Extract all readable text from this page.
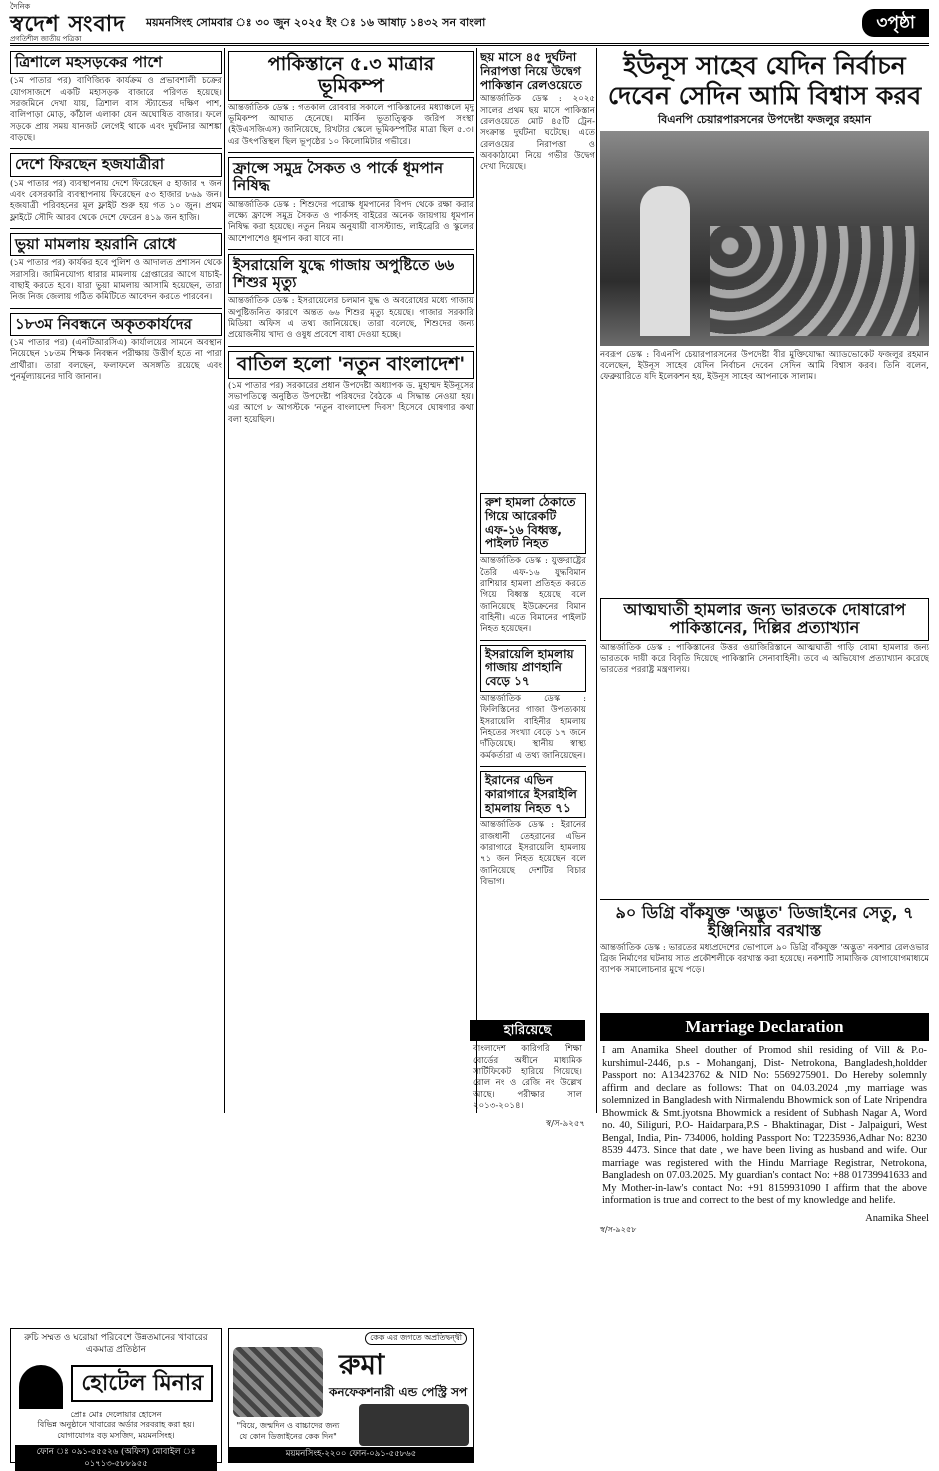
দৈনিক
স্বদেশ সংবাদ
প্রগতিশীল জাতীয় পত্রিকা
ময়মনসিংহ সোমবার ঃ ৩০ জুন ২০২৫ ইং ঃ ১৬ আষাঢ় ১৪৩২ সন বাংলা	৩পৃষ্ঠা
ত্রিশালে মহসড়কের পাশে
(১ম পাতার পর) বাণিজ্যিক কার্যক্রম ও প্রভাবশালী চক্রের যোগসাজশে একটি মহাসড়ক বাজারে পরিণত হয়েছে। সরজমিনে দেখা যায়, ত্রিশাল বাস স্ট্যান্ডের দক্ষিণ পাশ, বালিপাড়া মোড়, কাঁঠাল এলাকা যেন অঘোষিত বাজার। ফলে সড়কে প্রায় সময় যানজট লেগেই থাকে এবং দুর্ঘটনার আশঙ্কা বাড়ছে।
দেশে ফিরছেন হজযাত্রীরা
(১ম পাতার পর) ব্যবস্থাপনায় দেশে ফিরেছেন ৫ হাজার ৭ জন এবং বেসরকারি ব্যবস্থাপনায় ফিরেছেন ৫৩ হাজার ৮৬৯ জন। হজযাত্রী পরিবহনের মূল ফ্লাইট শুরু হয় গত ১০ জুন। প্রথম ফ্লাইটে সৌদি আরব থেকে দেশে ফেরেন ৪১৯ জন হাজি।
ভুয়া মামলায় হয়রানি রোধে
(১ম পাতার পর) কার্যকর হবে পুলিশ ও আদালত প্রশাসন থেকে সরাসরি। জামিনযোগ্য ধারার মামলায় গ্রেপ্তারের আগে যাচাই-বাছাই করতে হবে। যারা ভুয়া মামলায় আসামি হয়েছেন, তারা নিজ নিজ জেলায় গঠিত কমিটিতে আবেদন করতে পারবেন।
১৮৩ম নিবন্ধনে অকৃতকার্যদের
(১ম পাতার পর) (এনটিআরসিএ) কার্যালয়ের সামনে অবস্থান নিয়েছেন ১৮তম শিক্ষক নিবন্ধন পরীক্ষায় উত্তীর্ণ হতে না পারা প্রার্থীরা। তারা বলছেন, ফলাফলে অসঙ্গতি রয়েছে এবং পুনর্মূল্যায়নের দাবি জানান।
পাকিস্তানে ৫.৩ মাত্রার ভূমিকম্প
আন্তর্জাতিক ডেস্ক : গতকাল রোববার সকালে পাকিস্তানের মধ্যাঞ্চলে মৃদু ভূমিকম্প আঘাত হেনেছে। মার্কিন ভূতাত্ত্বিক জরিপ সংস্থা (ইউএসজিএস) জানিয়েছে, রিখটার স্কেলে ভূমিকম্পটির মাত্রা ছিল ৫.৩। এর উৎপত্তিস্থল ছিল ভূপৃষ্ঠের ১০ কিলোমিটার গভীরে।
ফ্রান্সে সমুদ্র সৈকত ও পার্কে ধূমপান নিষিদ্ধ
আন্তর্জাতিক ডেস্ক : শিশুদের পরোক্ষ ধূমপানের বিপদ থেকে রক্ষা করার লক্ষ্যে ফ্রান্সে সমুদ্র সৈকত ও পার্কসহ বাইরের অনেক জায়গায় ধূমপান নিষিদ্ধ করা হয়েছে। নতুন নিয়ম অনুযায়ী বাসস্ট্যান্ড, লাইব্রেরি ও স্কুলের আশেপাশেও ধূমপান করা যাবে না।
ইসরায়েলি যুদ্ধে গাজায় অপুষ্টিতে ৬৬ শিশুর মৃত্যু
আন্তর্জাতিক ডেস্ক : ইসরায়েলের চলমান যুদ্ধ ও অবরোধের মধ্যে গাজায় অপুষ্টিজনিত কারণে অন্তত ৬৬ শিশুর মৃত্যু হয়েছে। গাজার সরকারি মিডিয়া অফিস এ তথ্য জানিয়েছে। তারা বলেছে, শিশুদের জন্য প্রয়োজনীয় খাদ্য ও ওষুধ প্রবেশে বাধা দেওয়া হচ্ছে।
বাতিল হলো 'নতুন বাংলাদেশ'
(১ম পাতার পর) সরকারের প্রধান উপদেষ্টা অধ্যাপক ড. মুহাম্মদ ইউনূসের সভাপতিত্বে অনুষ্ঠিত উপদেষ্টা পরিষদের বৈঠকে এ সিদ্ধান্ত নেওয়া হয়। এর আগে ৮ আগস্টকে 'নতুন বাংলাদেশ দিবস' হিসেবে ঘোষণার কথা বলা হয়েছিল।
ছয় মাসে ৪৫ দুর্ঘটনা নিরাপত্তা নিয়ে উদ্বেগ পাকিস্তান রেলওয়েতে
আন্তর্জাতিক ডেস্ক : ২০২৫ সালের প্রথম ছয় মাসে পাকিস্তান রেলওয়েতে মোট ৪৫টি ট্রেন-সংক্রান্ত দুর্ঘটনা ঘটেছে। এতে রেলওয়ের নিরাপত্তা ও অবকাঠামো নিয়ে গভীর উদ্বেগ দেখা দিয়েছে।
ইউনূস সাহেব যেদিন নির্বাচন দেবেন সেদিন আমি বিশ্বাস করব
বিএনপি চেয়ারপারসনের উপদেষ্টা ফজলুর রহমান
নবরূপ ডেস্ক : বিএনপি চেয়ারপারসনের উপদেষ্টা বীর মুক্তিযোদ্ধা অ্যাডভোকেট ফজলুর রহমান বলেছেন, ইউনূস সাহেব যেদিন নির্বাচন দেবেন সেদিন আমি বিশ্বাস করব। তিনি বলেন, ফেব্রুয়ারিতে যদি ইলেকশন হয়, ইউনূস সাহেব আপনাকে সালাম।
রুশ হামলা ঠেকাতে গিয়ে আরেকটি এফ-১৬ বিধ্বস্ত, পাইলট নিহত
আন্তর্জাতিক ডেস্ক : যুক্তরাষ্ট্রের তৈরি এফ-১৬ যুদ্ধবিমান রাশিয়ার হামলা প্রতিহত করতে গিয়ে বিধ্বস্ত হয়েছে বলে জানিয়েছে ইউক্রেনের বিমান বাহিনী। এতে বিমানের পাইলট নিহত হয়েছেন।
ইসরায়েলি হামলায় গাজায় প্রাণহানি বেড়ে ১৭
আন্তর্জাতিক ডেস্ক : ফিলিস্তিনের গাজা উপত্যকায় ইসরায়েলি বাহিনীর হামলায় নিহতের সংখ্যা বেড়ে ১৭ জনে দাঁড়িয়েছে। স্থানীয় স্বাস্থ্য কর্মকর্তারা এ তথ্য জানিয়েছেন।
ইরানের এভিন কারাগারে ইসরাইলি হামলায় নিহত ৭১
আন্তর্জাতিক ডেস্ক : ইরানের রাজধানী তেহরানের এভিন কারাগারে ইসরায়েলি হামলায় ৭১ জন নিহত হয়েছেন বলে জানিয়েছে দেশটির বিচার বিভাগ।
আত্মঘাতী হামলার জন্য ভারতকে দোষারোপ পাকিস্তানের, দিল্লির প্রত্যাখ্যান
আন্তর্জাতিক ডেস্ক : পাকিস্তানের উত্তর ওয়াজিরিস্তানে আত্মঘাতী গাড়ি বোমা হামলার জন্য ভারতকে দায়ী করে বিবৃতি দিয়েছে পাকিস্তানি সেনাবাহিনী। তবে এ অভিযোগ প্রত্যাখ্যান করেছে ভারতের পররাষ্ট্র মন্ত্রণালয়।
৯০ ডিগ্রি বাঁকযুক্ত 'অদ্ভুত' ডিজাইনের সেতু, ৭ ইঞ্জিনিয়ার বরখাস্ত
আন্তর্জাতিক ডেস্ক : ভারতের মধ্যপ্রদেশের ভোপালে ৯০ ডিগ্রি বাঁকযুক্ত 'অদ্ভুত' নকশার রেলওভার ব্রিজ নির্মাণের ঘটনায় সাত প্রকৌশলীকে বরখাস্ত করা হয়েছে। নকশাটি সামাজিক যোগাযোগমাধ্যমে ব্যাপক সমালোচনার মুখে পড়ে।
হারিয়েছে
বাংলাদেশ কারিগরি শিক্ষা বোর্ডের অধীনে মাধ্যমিক সার্টিফিকেট হারিয়ে গিয়েছে। রোল নং ও রেজি নং উল্লেখ আছে। পরীক্ষার সাল ২০১৩-২০১৪।
স্ব/স-৯২৫৭
Marriage Declaration
I am Anamika Sheel douther of Promod shil residing of Vill & P.o- kurshimul-2446, p.s - Mohanganj, Dist- Netrokona, Bangladesh,holdder Passport no: A13423762 & NID No: 5569275901. Do Hereby solemnly affirm and declare as follows: That on 04.03.2024 ,my marriage was solemnized in Bangladesh with Nirmalendu Bhowmick son of Late Nripendra Bhowmick & Smt.jyotsna Bhowmick a resident of Subhash Nagar A, Word no. 40, Siliguri, P.O- Haidarpara,P.S - Bhaktinagar, Dist - Jalpaiguri, West Bengal, India, Pin- 734006, holding Passport No: T2235936,Adhar No: 8230 8539 4473. Since that date , we have been living as husband and wife. Our marriage was registered with the Hindu Marriage Registrar, Netrokona, Bangladesh on 07.03.2025. My guardian's contact No: +88 01739941633 and My Mother-in-law's contact No: +91 8159931090 I affirm that the above information is true and correct to the best of my knowledge and helife.
Anamika Sheel
স্ব/স-৯২৫৮
রুচি সম্মত ও ঘরোয়া পরিবেশে উন্নতমানের খাবারের একমাত্র প্রতিষ্ঠান
হোটেল মিনার
প্রোঃ মোঃ দেলোয়ার হোসেন
বিভিন্ন অনুষ্ঠানে খাবারের অর্ডার সরবরাহ করা হয়।
যোগাযোগঃ বড় মসজিদ, ময়মনসিংহ।
ফোন ঃ ০৯১-৫৫৫২৬ (অফিস) মোবাইল ঃ ০১৭১৩-৫৮৮৯৫৫
কেক এর জগতে অপ্রতিদ্বন্দ্বী
রুমা
কনফেকশনারী এন্ড পেস্ট্রি সপ
"বিয়ে, জন্মদিন ও বাচ্চাদের জন্য যে কোন ডিজাইনের কেক দিন"
ময়মনসিংহ-২২০০ ফোন-০৯১-৫৫৮৬৫
